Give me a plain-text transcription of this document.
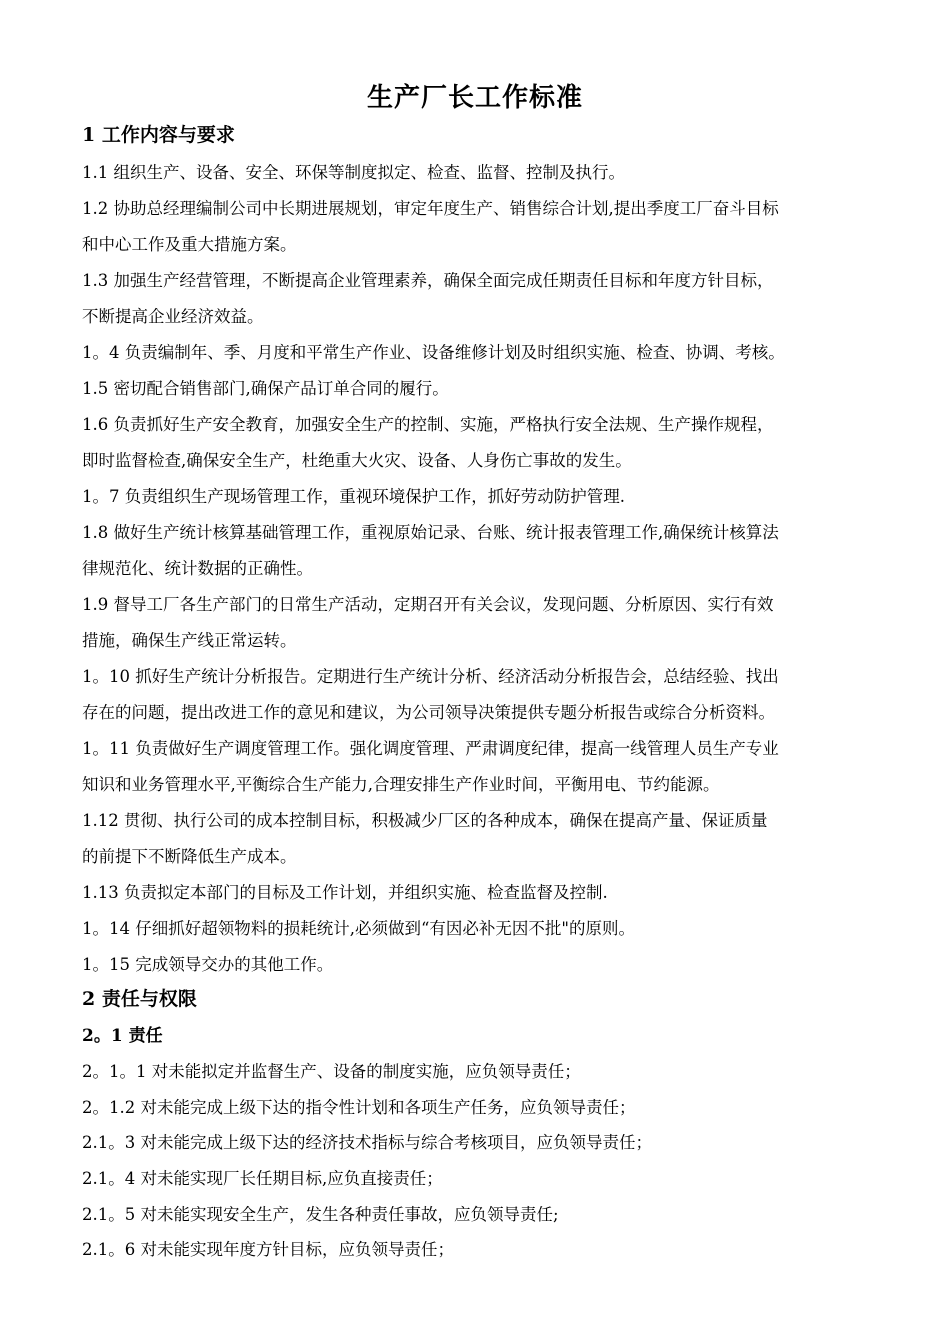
生产厂长工作标准
1 工作内容与要求
1.1 组织生产、设备、安全、环保等制度拟定、检查、监督、控制及执行。
1.2 协助总经理编制公司中长期进展规划，审定年度生产、销售综合计划,提出季度工厂奋斗目标
和中心工作及重大措施方案。
1.3 加强生产经营管理，不断提高企业管理素养，确保全面完成任期责任目标和年度方针目标，
不断提高企业经济效益。
1。4 负责编制年、季、月度和平常生产作业、设备维修计划及时组织实施、检查、协调、考核。
1.5 密切配合销售部门,确保产品订单合同的履行。
1.6 负责抓好生产安全教育，加强安全生产的控制、实施，严格执行安全法规、生产操作规程，
即时监督检查,确保安全生产，杜绝重大火灾、设备、人身伤亡事故的发生。
1。7 负责组织生产现场管理工作，重视环境保护工作，抓好劳动防护管理.
1.8 做好生产统计核算基础管理工作，重视原始记录、台账、统计报表管理工作,确保统计核算法
律规范化、统计数据的正确性。
1.9 督导工厂各生产部门的日常生产活动，定期召开有关会议，发现问题、分析原因、实行有效
措施，确保生产线正常运转。
1。10 抓好生产统计分析报告。定期进行生产统计分析、经济活动分析报告会，总结经验、找出
存在的问题，提出改进工作的意见和建议，为公司领导决策提供专题分析报告或综合分析资料。
1。11 负责做好生产调度管理工作。强化调度管理、严肃调度纪律，提高一线管理人员生产专业
知识和业务管理水平,平衡综合生产能力,合理安排生产作业时间，平衡用电、节约能源。
1.12 贯彻、执行公司的成本控制目标，积极减少厂区的各种成本，确保在提高产量、保证质量
的前提下不断降低生产成本。
1.13 负责拟定本部门的目标及工作计划，并组织实施、检查监督及控制.
1。14 仔细抓好超领物料的损耗统计,必须做到“有因必补无因不批"的原则。
1。15 完成领导交办的其他工作。
2 责任与权限
2。1 责任
2。1。1 对未能拟定并监督生产、设备的制度实施，应负领导责任；
2。1.2 对未能完成上级下达的指令性计划和各项生产任务，应负领导责任；
2.1。3 对未能完成上级下达的经济技术指标与综合考核项目，应负领导责任；
2.1。4 对未能实现厂长任期目标,应负直接责任；
2.1。5 对未能实现安全生产，发生各种责任事故，应负领导责任;
2.1。6 对未能实现年度方针目标，应负领导责任；
